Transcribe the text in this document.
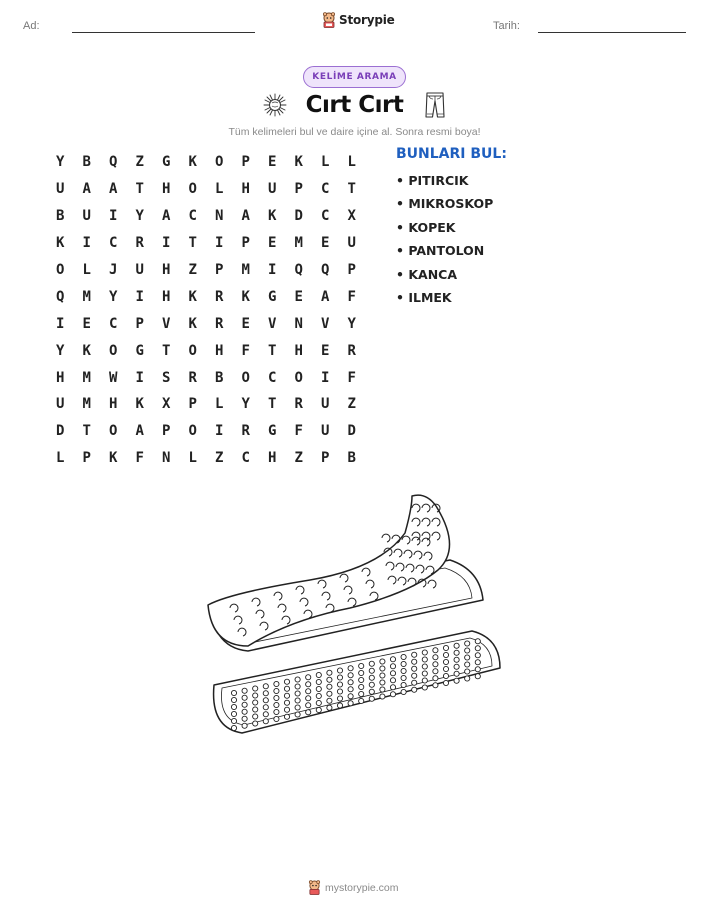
Ad:	Storypie	Tarih:
KELİME ARAMA
Cırt Cırt
Tüm kelimeleri bul ve daire içine al. Sonra resmi boya!
Y	B	Q	Z	G	K	O	P	E	K	L	L
U	A	A	T	H	O	L	H	U	P	C	T
B	U	I	Y	A	C	N	A	K	D	C	X
K	I	C	R	I	T	I	P	E	M	E	U
O	L	J	U	H	Z	P	M	I	Q	Q	P
Q	M	Y	I	H	K	R	K	G	E	A	F
I	E	C	P	V	K	R	E	V	N	V	Y
Y	K	O	G	T	O	H	F	T	H	E	R
H	M	W	I	S	R	B	O	C	O	I	F
U	M	H	K	X	P	L	Y	T	R	U	Z
D	T	O	A	P	O	I	R	G	F	U	D
L	P	K	F	N	L	Z	C	H	Z	P	B
BUNLARI BUL:
• PITIRCIK
• MIKROSKOP
• KOPEK
• PANTOLON
• KANCA
• ILMEK
mystorypie.com
